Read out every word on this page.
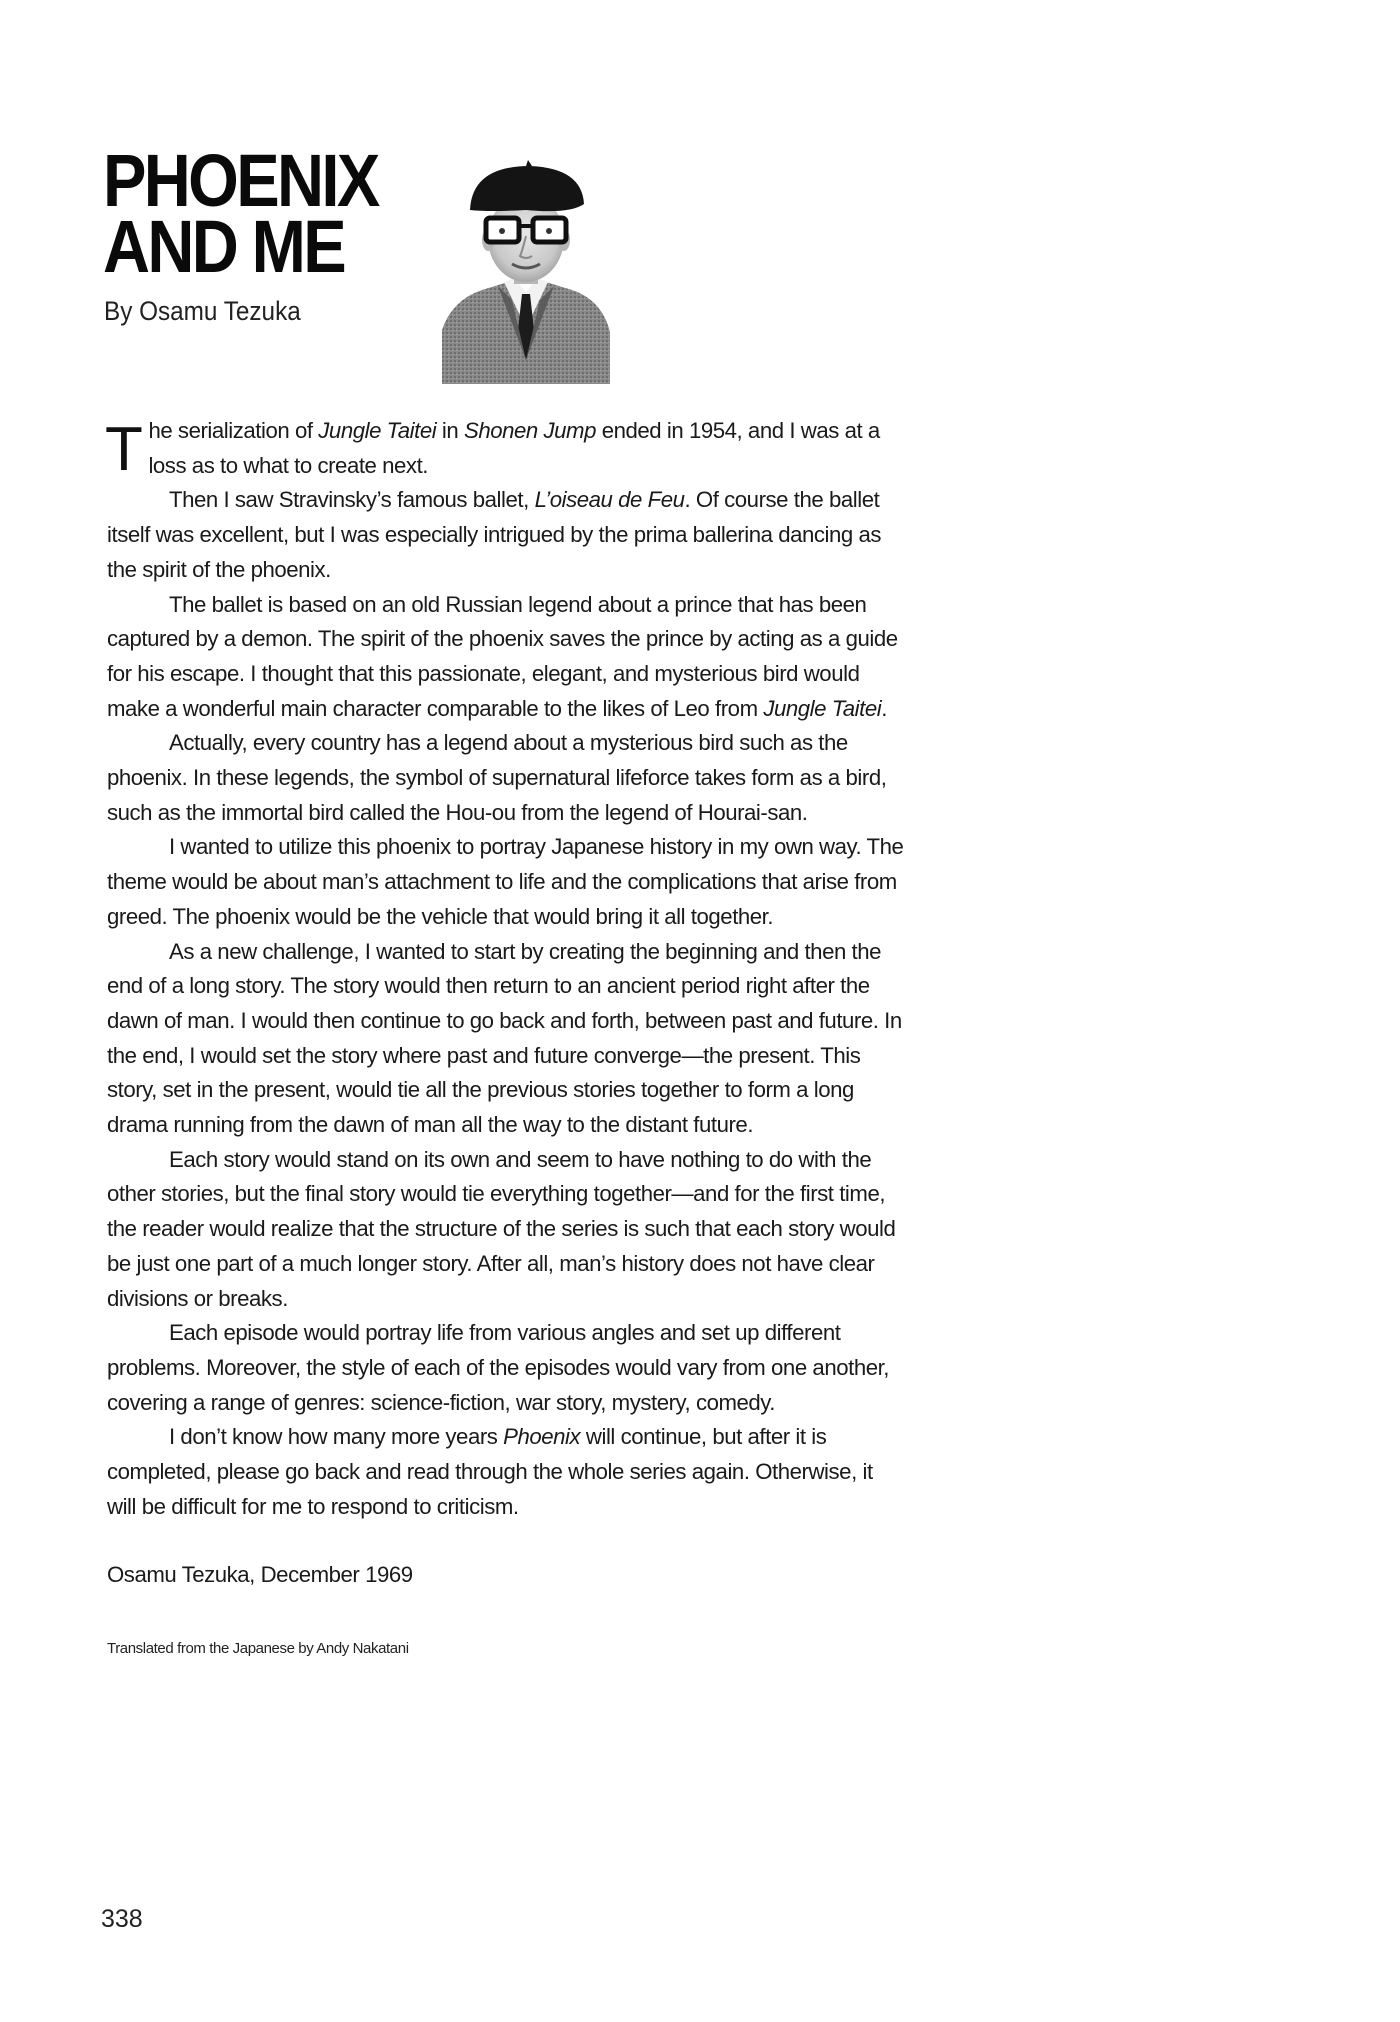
PHOENIX
AND ME
By Osamu Tezuka

The serialization of Jungle Taitei in Shonen Jump ended in 1954, and I was at a loss as to what to create next.

Then I saw Stravinsky’s famous ballet, L’oiseau de Feu. Of course the ballet itself was excellent, but I was especially intrigued by the prima ballerina dancing as the spirit of the phoenix.

The ballet is based on an old Russian legend about a prince that has been captured by a demon. The spirit of the phoenix saves the prince by acting as a guide for his escape. I thought that this passionate, elegant, and mysterious bird would make a wonderful main character comparable to the likes of Leo from Jungle Taitei.

Actually, every country has a legend about a mysterious bird such as the phoenix. In these legends, the symbol of supernatural lifeforce takes form as a bird, such as the immortal bird called the Hou-ou from the legend of Hourai-san.

I wanted to utilize this phoenix to portray Japanese history in my own way. The theme would be about man’s attachment to life and the complications that arise from greed. The phoenix would be the vehicle that would bring it all together.

As a new challenge, I wanted to start by creating the beginning and then the end of a long story. The story would then return to an ancient period right after the dawn of man. I would then continue to go back and forth, between past and future. In the end, I would set the story where past and future converge—the present. This story, set in the present, would tie all the previous stories together to form a long drama running from the dawn of man all the way to the distant future.

Each story would stand on its own and seem to have nothing to do with the other stories, but the final story would tie everything together—and for the first time, the reader would realize that the structure of the series is such that each story would be just one part of a much longer story. After all, man’s history does not have clear divisions or breaks.

Each episode would portray life from various angles and set up different problems. Moreover, the style of each of the episodes would vary from one another, covering a range of genres: science-fiction, war story, mystery, comedy.

I don’t know how many more years Phoenix will continue, but after it is completed, please go back and read through the whole series again. Otherwise, it will be difficult for me to respond to criticism.

Osamu Tezuka, December 1969
Translated from the Japanese by Andy Nakatani
338
